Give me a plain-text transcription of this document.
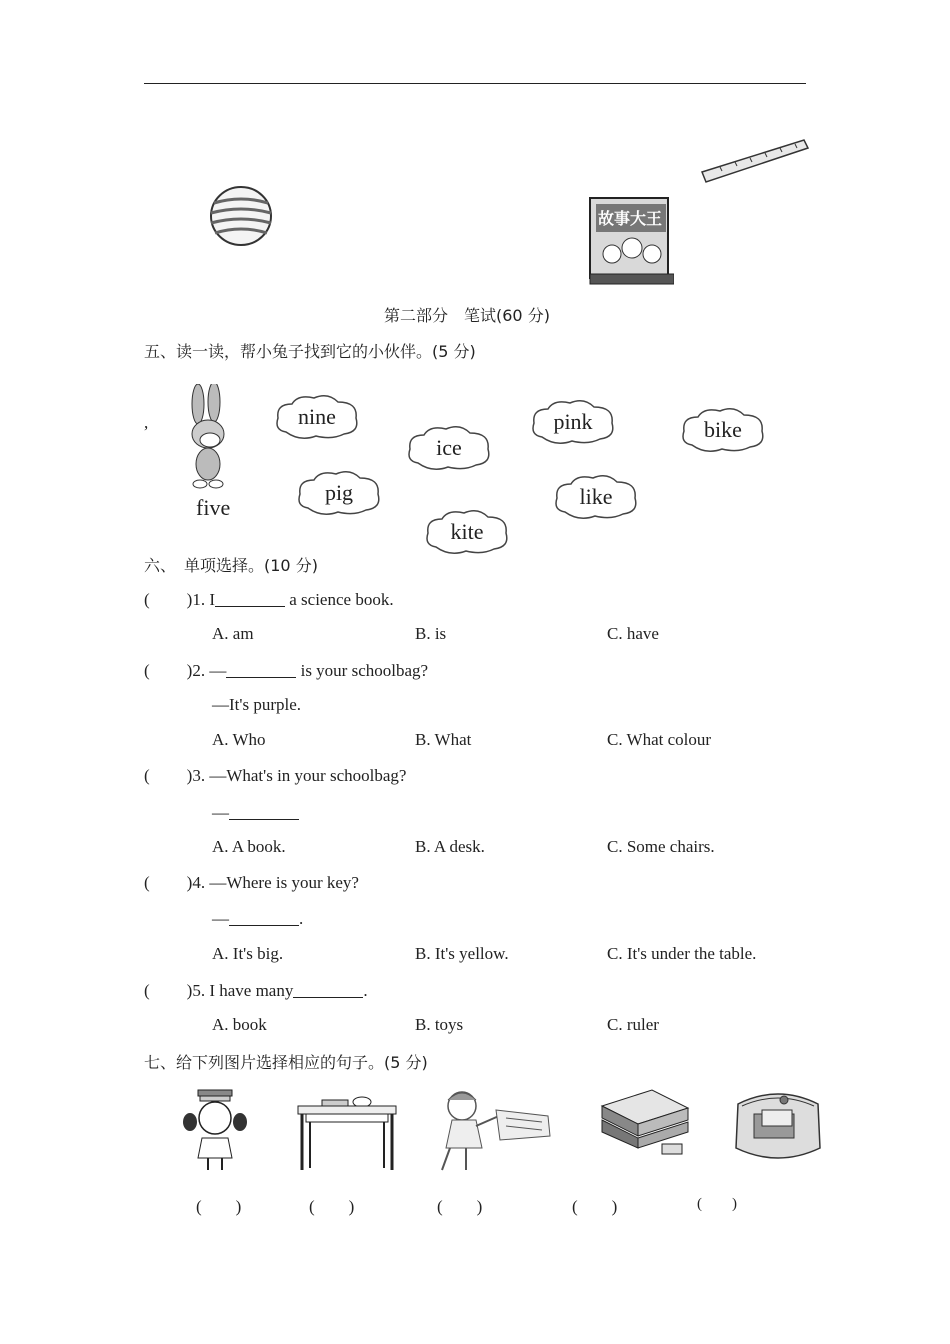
故事大王
第二部分　笔试(60 分)
五、读一读，帮小兔子找到它的小伙伴。(5 分)
,
five
nine
ice
pink	bike
pig	like
kite
六、　单项选择。(10 分)
( )1. I	a science book.
A. am	B. is	C. have
( )2. —	is your schoolbag?
—It's purple.
A. Who	B. What	C. What colour
( )3. —What's in your schoolbag?
—
A. A book.	B. A desk.	C. Some chairs.
( )4. —Where is your key?
—	.
A. It's big.	B. It's yellow.	C. It's under the table.
( )5. I have many	.
A. book	B. toys	C. ruler
七、给下列图片选择相应的句子。(5 分)
(　　)	(　　)	(　　)	(　　)	(　　)
